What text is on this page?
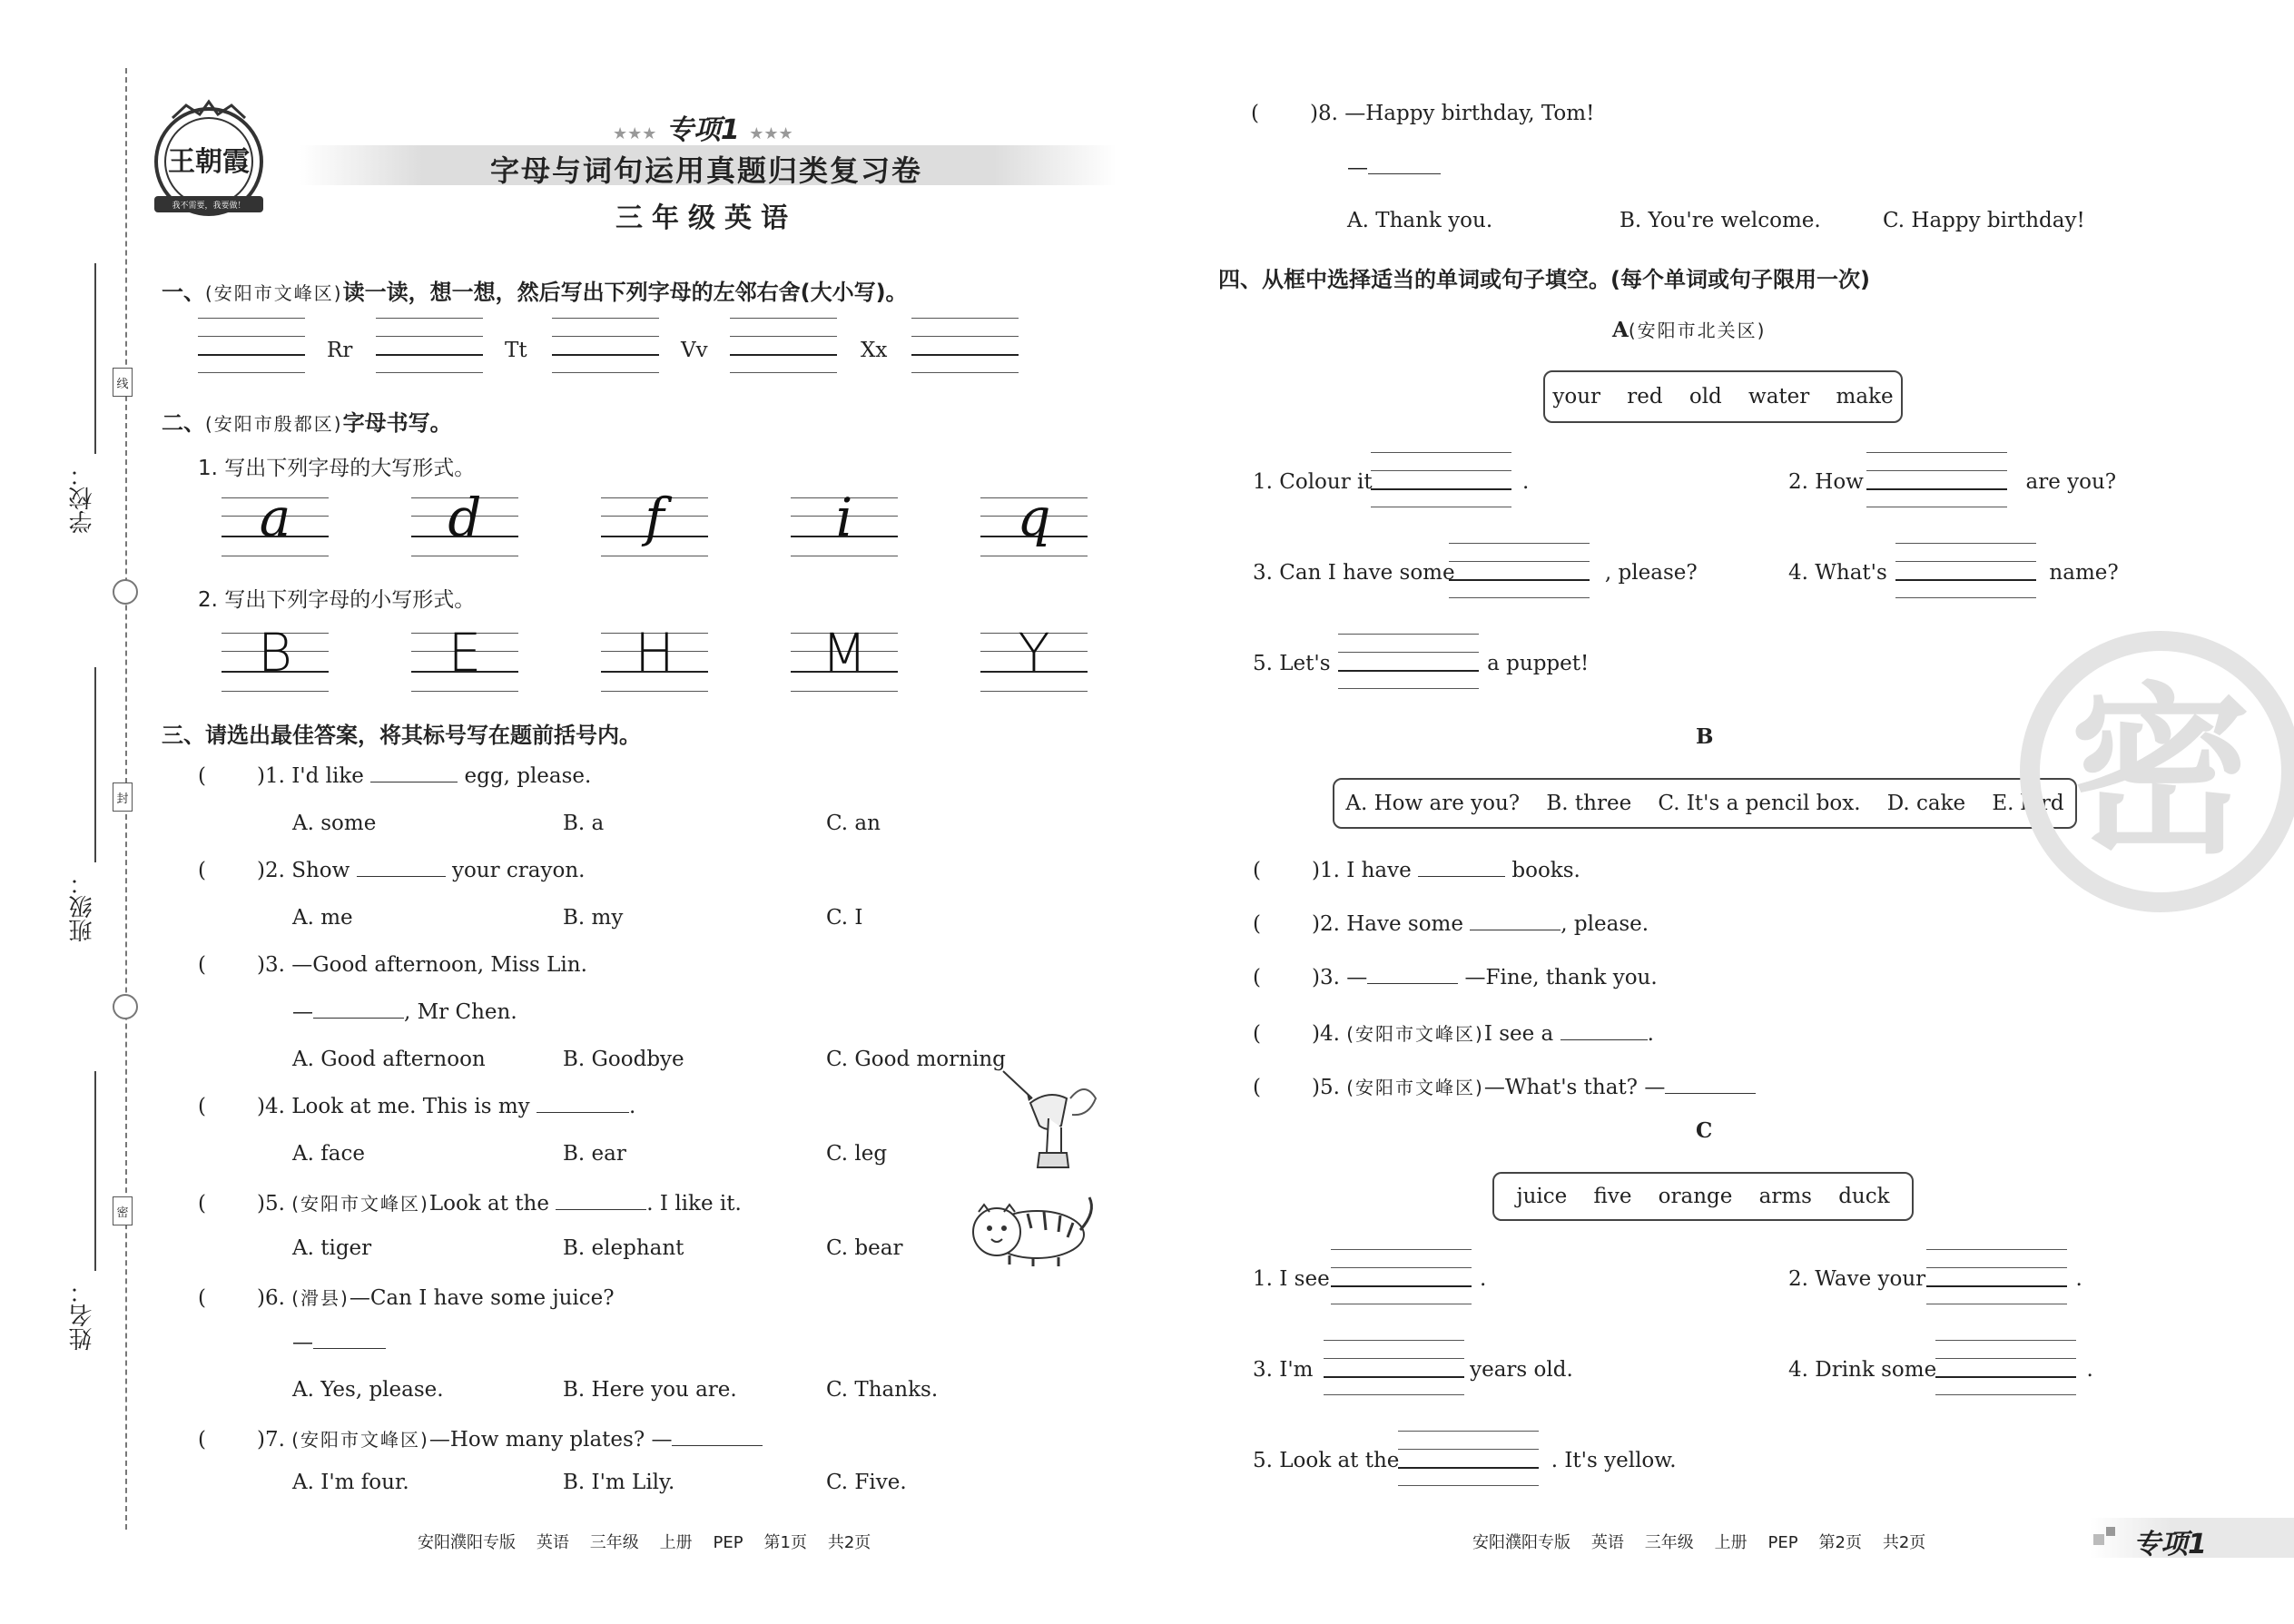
学校：
班级：
姓名：
线
封
密
王朝霞
我不需要，我要做！
★★★ 专项1 ★★★
字母与词句运用真题归类复习卷
三年级英语
一、(安阳市文峰区)读一读，想一想，然后写出下列字母的左邻右舍(大小写)。
Rr	Tt	Vv	Xx
二、(安阳市殷都区)字母书写。
1. 写出下列字母的大写形式。
a	d	f	i	q
2. 写出下列字母的小写形式。
B	E	H	M	Y
三、请选出最佳答案，将其标号写在题前括号内。
( )1. I'd like	egg, please.
A. some	B. a	C. an
( )2. Show	your crayon.
A. me	B. my	C. I
( )3. —Good afternoon, Miss Lin.
—	, Mr Chen.
A. Good afternoon	B. Goodbye	C. Good morning
( )4. Look at me. This is my	.
A. face	B. ear	C. leg
( )5. (安阳市文峰区)Look at the	. I like it.
A. tiger	B. elephant	C. bear
( )6. (滑县)—Can I have some juice?
—
A. Yes, please.	B. Here you are.	C. Thanks.
( )7. (安阳市文峰区)—How many plates? —
A. I'm four.	B. I'm Lily.	C. Five.
安阳濮阳专版    英语    三年级    上册    PEP    第1页    共2页
( )8. —Happy birthday, Tom!
—
A. Thank you.	B. You're welcome.	C. Happy birthday!
四、从框中选择适当的单词或句子填空。(每个单词或句子限用一次)
A(安阳市北关区)
your    red    old    water    make
1. Colour it	.	2. How	are you?
3. Can I have some	, please?	4. What's	name?
5. Let's	a puppet!
B
A. How are you?    B. three    C. It's a pencil box.    D. cake    E. bird
( )1. I have	books.
( )2. Have some	, please.
( )3. —	—Fine, thank you.
( )4. (安阳市文峰区)I see a	.
( )5. (安阳市文峰区)—What's that? —
C
juice    five    orange    arms    duck
1. I see	.	2. Wave your	.
3. I'm	years old.	4. Drink some	.
5. Look at the	. It's yellow.
密
安阳濮阳专版    英语    三年级    上册    PEP    第2页    共2页	专项1
